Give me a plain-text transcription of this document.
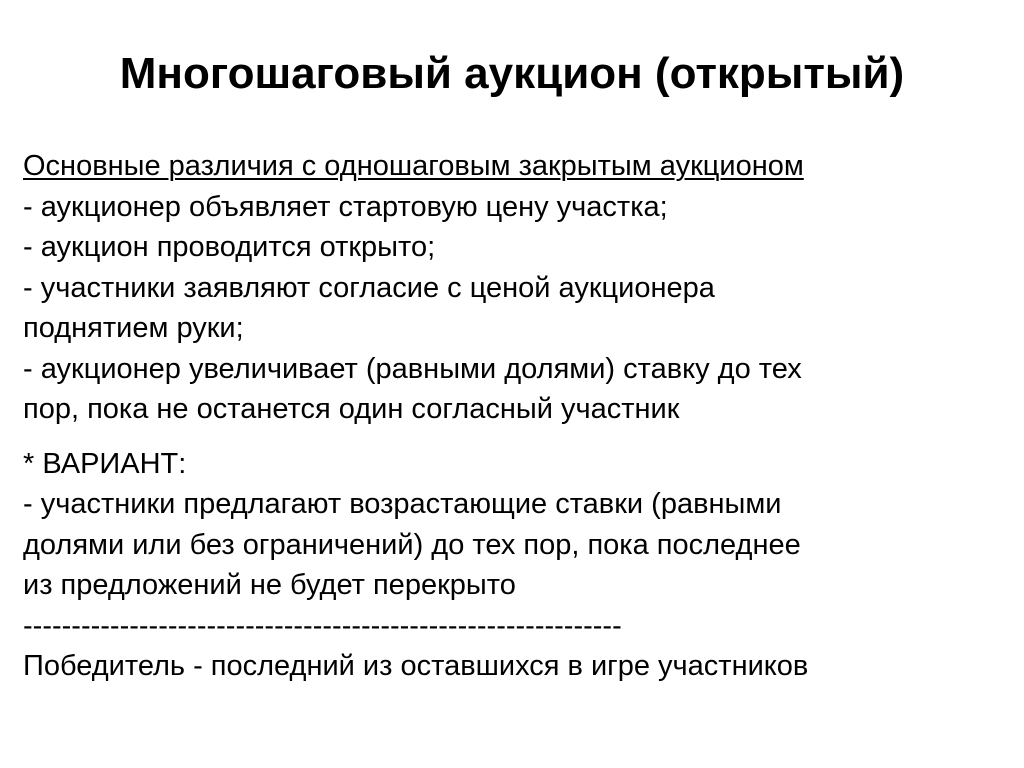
Многошаговый аукцион (открытый)
Основные различия с одношаговым закрытым аукционом
- аукционер объявляет стартовую цену участка;
- аукцион проводится открыто;
- участники заявляют согласие с ценой аукционера
поднятием руки;
- аукционер увеличивает (равными долями) ставку до тех
пор, пока не останется один согласный участник
* ВАРИАНТ:
- участники предлагают возрастающие ставки (равными
долями или без ограничений) до тех пор, пока последнее
из предложений не будет перекрыто
--------------------------------------------------------------
Победитель - последний из оставшихся в игре участников
